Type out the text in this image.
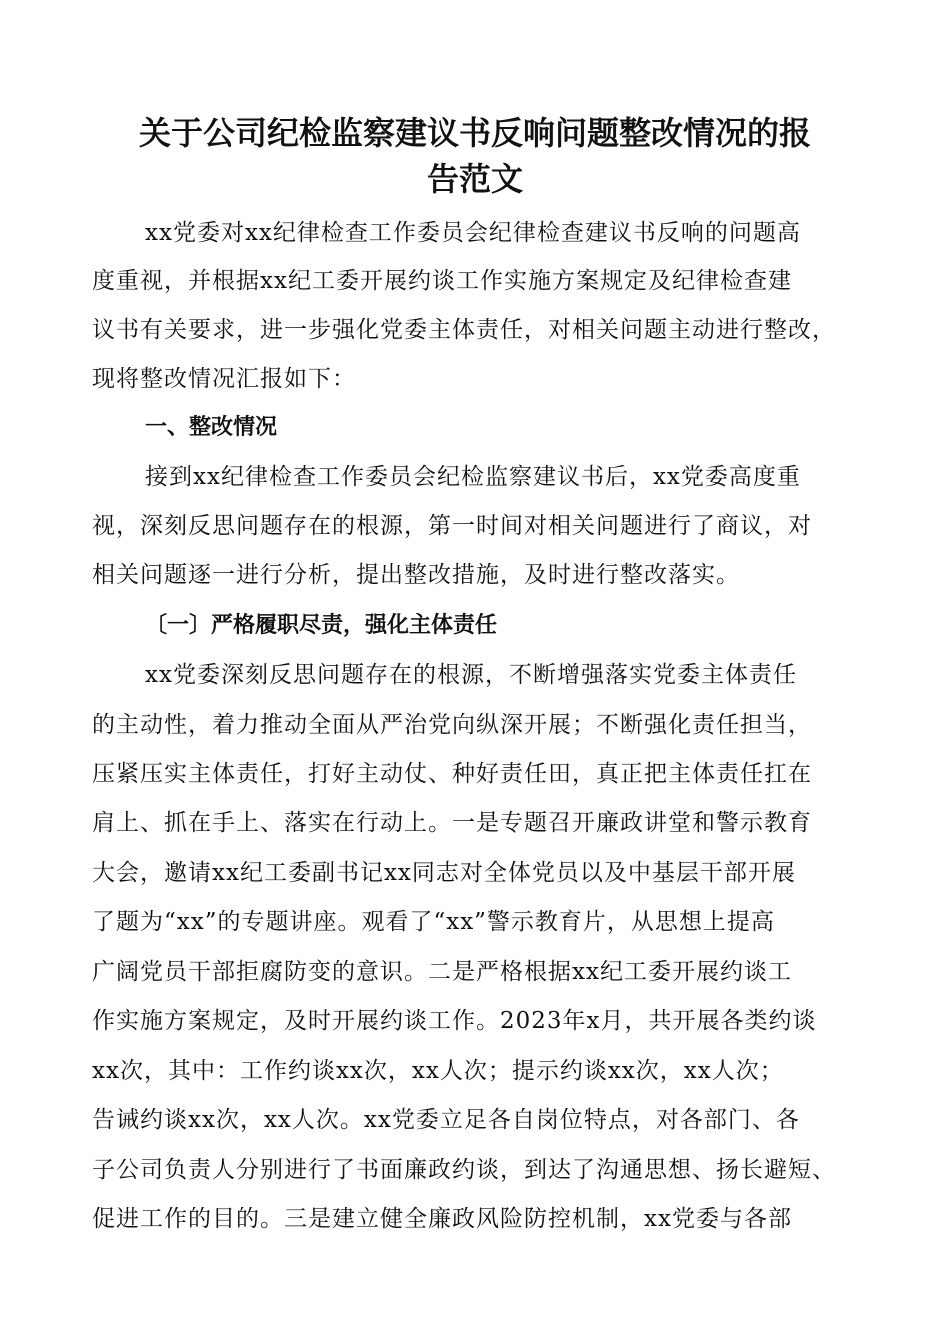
关于公司纪检监察建议书反响问题整改情况的报
告范文

xx党委对xx纪律检查工作委员会纪律检查建议书反响的问题高

度重视，并根据xx纪工委开展约谈工作实施方案规定及纪律检查建

议书有关要求，进一步强化党委主体责任，对相关问题主动进行整改，

现将整改情况汇报如下：

一、整改情况

接到xx纪律检查工作委员会纪检监察建议书后，xx党委高度重

视，深刻反思问题存在的根源，第一时间对相关问题进行了商议，对

相关问题逐一进行分析，提出整改措施，及时进行整改落实。

〔一〕严格履职尽责，强化主体责任

xx党委深刻反思问题存在的根源，不断增强落实党委主体责任

的主动性，着力推动全面从严治党向纵深开展；不断强化责任担当，

压紧压实主体责任，打好主动仗、种好责任田，真正把主体责任扛在

肩上、抓在手上、落实在行动上。一是专题召开廉政讲堂和警示教育

大会，邀请xx纪工委副书记xx同志对全体党员以及中基层干部开展

了题为“xx”的专题讲座。观看了“xx”警示教育片，从思想上提高

广阔党员干部拒腐防变的意识。二是严格根据xx纪工委开展约谈工

作实施方案规定，及时开展约谈工作。2023年x月，共开展各类约谈

xx次，其中：工作约谈xx次，xx人次；提示约谈xx次，xx人次；

告诫约谈xx次，xx人次。xx党委立足各自岗位特点，对各部门、各

子公司负责人分别进行了书面廉政约谈，到达了沟通思想、扬长避短、

促进工作的目的。三是建立健全廉政风险防控机制，xx党委与各部
